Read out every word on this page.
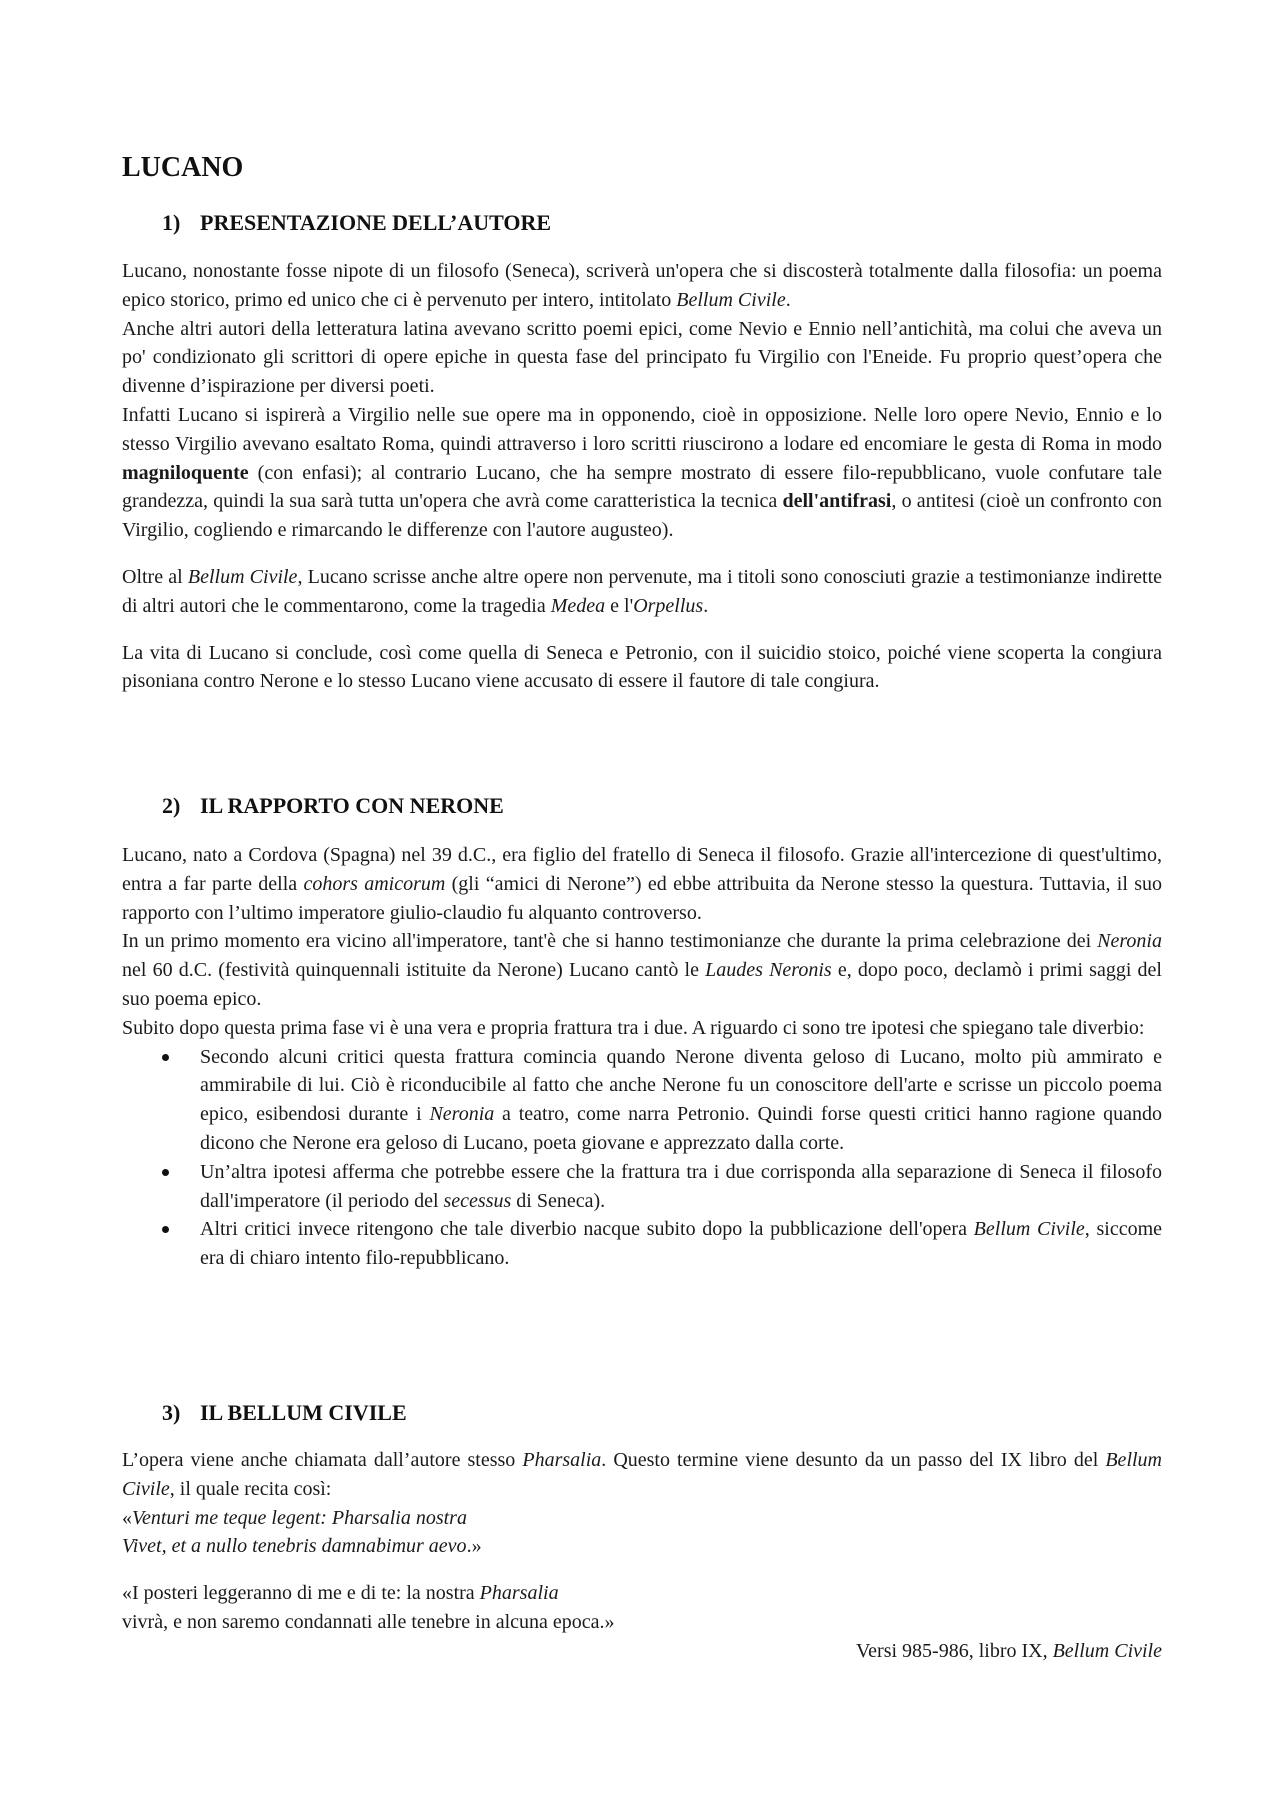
LUCANO
1) PRESENTAZIONE DELL’AUTORE

Lucano, nonostante fosse nipote di un filosofo (Seneca), scriverà un'opera che si discosterà totalmente dalla filosofia: un poema epico storico, primo ed unico che ci è pervenuto per intero, intitolato Bellum Civile.

Anche altri autori della letteratura latina avevano scritto poemi epici, come Nevio e Ennio nell’antichità, ma colui che aveva un po' condizionato gli scrittori di opere epiche in questa fase del principato fu Virgilio con l'Eneide. Fu proprio quest’opera che divenne d’ispirazione per diversi poeti.

Infatti Lucano si ispirerà a Virgilio nelle sue opere ma in opponendo, cioè in opposizione. Nelle loro opere Nevio, Ennio e lo stesso Virgilio avevano esaltato Roma, quindi attraverso i loro scritti riuscirono a lodare ed encomiare le gesta di Roma in modo magniloquente (con enfasi); al contrario Lucano, che ha sempre mostrato di essere filo-repubblicano, vuole confutare tale grandezza, quindi la sua sarà tutta un'opera che avrà come caratteristica la tecnica dell'antifrasi, o antitesi (cioè un confronto con Virgilio, cogliendo e rimarcando le differenze con l'autore augusteo).

Oltre al Bellum Civile, Lucano scrisse anche altre opere non pervenute, ma i titoli sono conosciuti grazie a testimonianze indirette di altri autori che le commentarono, come la tragedia Medea e l'Orpellus.

La vita di Lucano si conclude, così come quella di Seneca e Petronio, con il suicidio stoico, poiché viene scoperta la congiura pisoniana contro Nerone e lo stesso Lucano viene accusato di essere il fautore di tale congiura.

2) IL RAPPORTO CON NERONE

Lucano, nato a Cordova (Spagna) nel 39 d.C., era figlio del fratello di Seneca il filosofo. Grazie all'intercezione di quest'ultimo, entra a far parte della cohors amicorum (gli “amici di Nerone”) ed ebbe attribuita da Nerone stesso la questura. Tuttavia, il suo rapporto con l’ultimo imperatore giulio-claudio fu alquanto controverso.

In un primo momento era vicino all'imperatore, tant'è che si hanno testimonianze che durante la prima celebrazione dei Neronia nel 60 d.C. (festività quinquennali istituite da Nerone) Lucano cantò le Laudes Neronis e, dopo poco, declamò i primi saggi del suo poema epico.

Subito dopo questa prima fase vi è una vera e propria frattura tra i due. A riguardo ci sono tre ipotesi che spiegano tale diverbio:

Secondo alcuni critici questa frattura comincia quando Nerone diventa geloso di Lucano, molto più ammirato e ammirabile di lui. Ciò è riconducibile al fatto che anche Nerone fu un conoscitore dell'arte e scrisse un piccolo poema epico, esibendosi durante i Neronia a teatro, come narra Petronio. Quindi forse questi critici hanno ragione quando dicono che Nerone era geloso di Lucano, poeta giovane e apprezzato dalla corte.
Un’altra ipotesi afferma che potrebbe essere che la frattura tra i due corrisponda alla separazione di Seneca il filosofo dall'imperatore (il periodo del secessus di Seneca).
Altri critici invece ritengono che tale diverbio nacque subito dopo la pubblicazione dell'opera Bellum Civile, siccome era di chiaro intento filo-repubblicano.
3) IL BELLUM CIVILE

L’opera viene anche chiamata dall’autore stesso Pharsalia. Questo termine viene desunto da un passo del IX libro del Bellum Civile, il quale recita così:

«Venturi me teque legent: Pharsalia nostra
Vivet, et a nullo tenebris damnabimur aevo.»
«I posteri leggeranno di me e di te: la nostra Pharsalia
vivrà, e non saremo condannati alle tenebre in alcuna epoca.»
Versi 985-986, libro IX, Bellum Civile
